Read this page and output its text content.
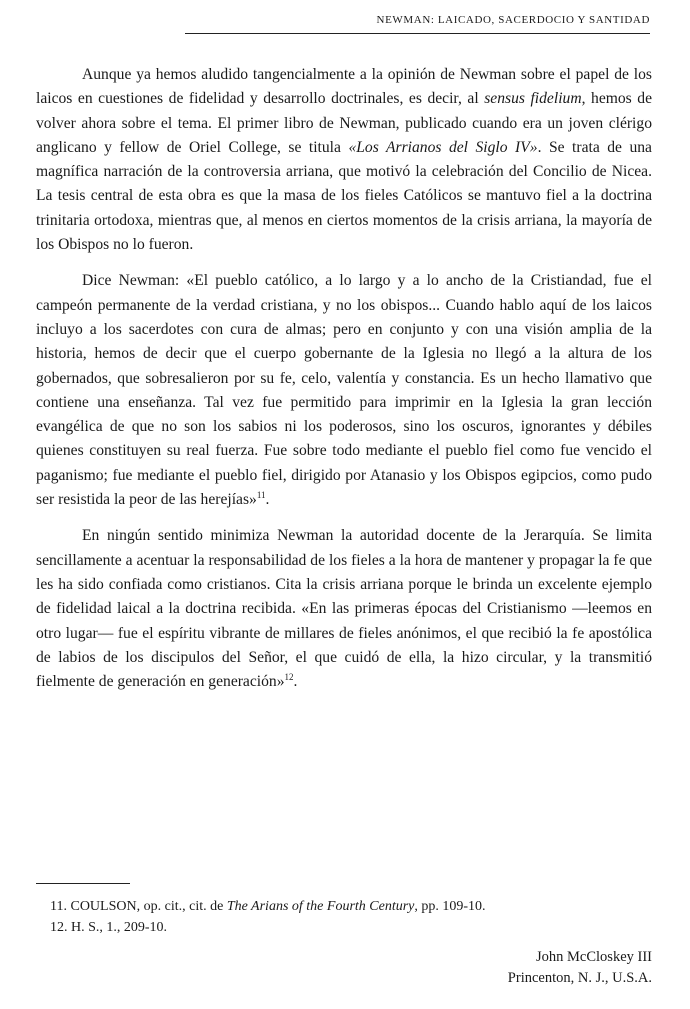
NEWMAN: LAICADO, SACERDOCIO Y SANTIDAD

Aunque ya hemos aludido tangencialmente a la opinión de Newman sobre el papel de los laicos en cuestiones de fidelidad y desarrollo doctrinales, es decir, al sensus fidelium, hemos de volver ahora sobre el tema. El primer libro de Newman, publicado cuando era un joven clérigo anglicano y fellow de Oriel College, se titula «Los Arrianos del Siglo IV». Se trata de una magnífica narración de la controversia arriana, que motivó la celebración del Concilio de Nicea. La tesis central de esta obra es que la masa de los fieles Católicos se mantuvo fiel a la doctrina trinitaria ortodoxa, mientras que, al menos en ciertos momentos de la crisis arriana, la mayoría de los Obispos no lo fueron.

Dice Newman: «El pueblo católico, a lo largo y a lo ancho de la Cristiandad, fue el campeón permanente de la verdad cristiana, y no los obispos... Cuando hablo aquí de los laicos incluyo a los sacerdotes con cura de almas; pero en conjunto y con una visión amplia de la historia, hemos de decir que el cuerpo gobernante de la Iglesia no llegó a la altura de los gobernados, que sobresalieron por su fe, celo, valentía y constancia. Es un hecho llamativo que contiene una enseñanza. Tal vez fue permitido para imprimir en la Iglesia la gran lección evangélica de que no son los sabios ni los poderosos, sino los oscuros, ignorantes y débiles quienes constituyen su real fuerza. Fue sobre todo mediante el pueblo fiel como fue vencido el paganismo; fue mediante el pueblo fiel, dirigido por Atanasio y los Obispos egipcios, como pudo ser resistida la peor de las herejías»$^{11}$.

En ningún sentido minimiza Newman la autoridad docente de la Jerarquía. Se limita sencillamente a acentuar la responsabilidad de los fieles a la hora de mantener y propagar la fe que les ha sido confiada como cristianos. Cita la crisis arriana porque le brinda un excelente ejemplo de fidelidad laical a la doctrina recibida. «En las primeras épocas del Cristianismo —leemos en otro lugar— fue el espíritu vibrante de millares de fieles anónimos, el que recibió la fe apostólica de labios de los discipulos del Señor, el que cuidó de ella, la hizo circular, y la transmitió fielmente de generación en generación»$^{12}$.

11. COULSON, op. cit., cit. de The Arians of the Fourth Century, pp. 109-10.
12. H. S., 1., 209-10.
John McCloskey III
Princenton, N. J., U.S.A.
